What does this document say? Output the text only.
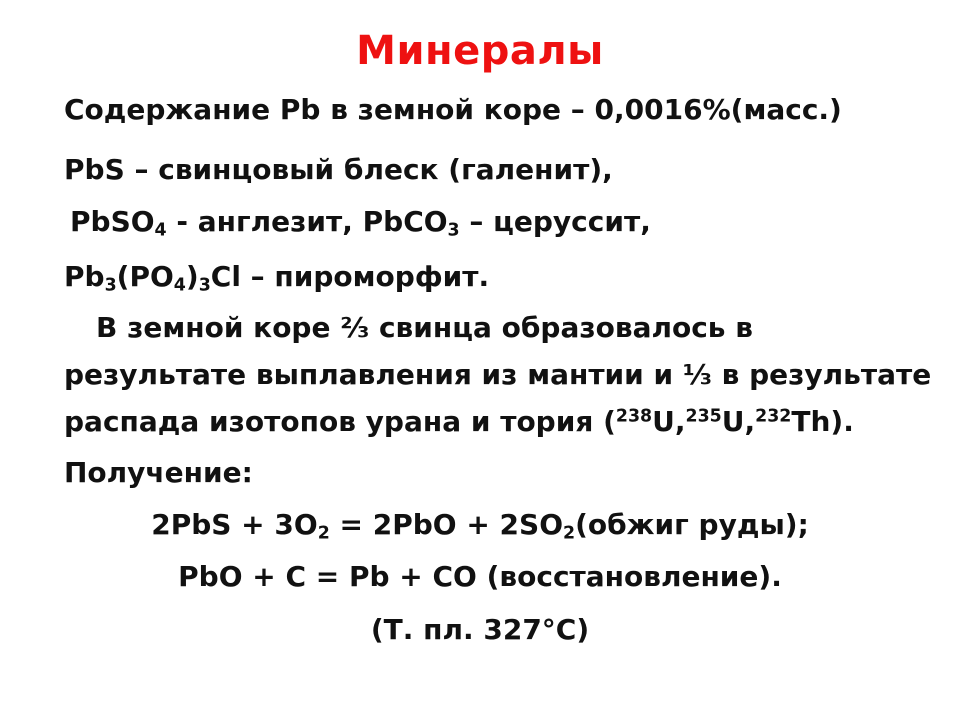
Минералы
Содержание Pb в земной коре – 0,0016%(масс.)
PbS – свинцовый блеск (галенит),
PbSO$_4$ - англезит, PbCO$_3$ – церуссит,
$Pb_3(PO_4)_3Cl$ – пироморфит.
В земной коре ⅔ свинца образовалось в
результате выплавления из мантии и ⅓ в результате
распада изотопов урана и тория ($^{238}$U,$^{235}$U,$^{232}$Th).
Получение:
$2PbS + 3O_2 = 2PbO$ + $2SO_2(обжиг$ руды);
PbO + C = Pb + CO (восстановление).
(Т. пл. 327°C)
